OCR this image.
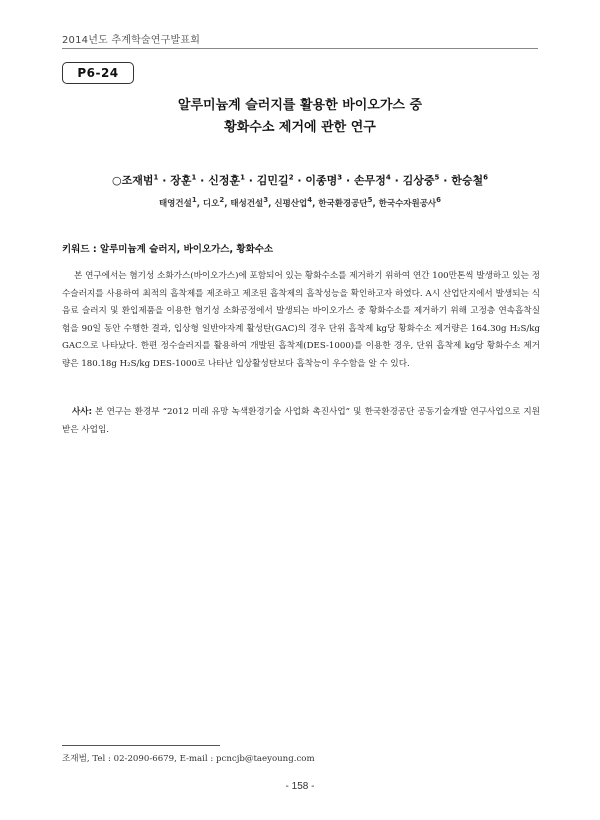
2014년도 추계학술연구발표회
P6-24
알루미늄계 슬러지를 활용한 바이오가스 중
황화수소 제거에 관한 연구
○조재범$^1$ · 장훈$^1$ · 신정훈$^1$ · 김민길$^2$ · 이종명$^3$ · 손무정$^4$ · 김상중$^5$ · 한승철$^6$
태영건설$^1$, 디오$^2$, 태성건설$^3$, 신평산업$^4$, 한국환경공단$^5$, 한국수자원공사$^6$
키워드 : 알루미늄계 슬러지, 바이오가스, 황화수소
본 연구에서는 혐기성 소화가스(바이오가스)에 포함되어 있는 황화수소를 제거하기 위하여 연간 100만톤씩 발생하고 있는 정수슬러지를 사용하여 최적의 흡착제를 제조하고 제조된 흡착제의 흡착성능을 확인하고자 하였다. A시 산업단지에서 발생되는 식음료 슬러지 및 환입제품을 이용한 혐기성 소화공정에서 발생되는 바이오가스 중 황화수소를 제거하기 위해 고정층 연속흡착실험을 90일 동안 수행한 결과, 입상형 일반야자계 활성탄(GAC)의 경우 단위 흡착제 kg당 황화수소 제거량은 164.30g H₂S/kg GAC으로 나타났다. 한편 정수슬러지를 활용하여 개발된 흡착제(DES-1000)를 이용한 경우, 단위 흡착제 kg당 황화수소 제거량은 180.18g H₂S/kg DES-1000로 나타난 입상활성탄보다 흡착능이 우수함을 알 수 있다.
사사: 본 연구는 환경부 “2012 미래 유망 녹색환경기술 사업화 촉진사업” 및 한국환경공단 공동기술개발 연구사업으로 지원받은 사업임.
조재범, Tel : 02-2090-6679, E-mail : pcncjb@taeyoung.com
- 158 -
